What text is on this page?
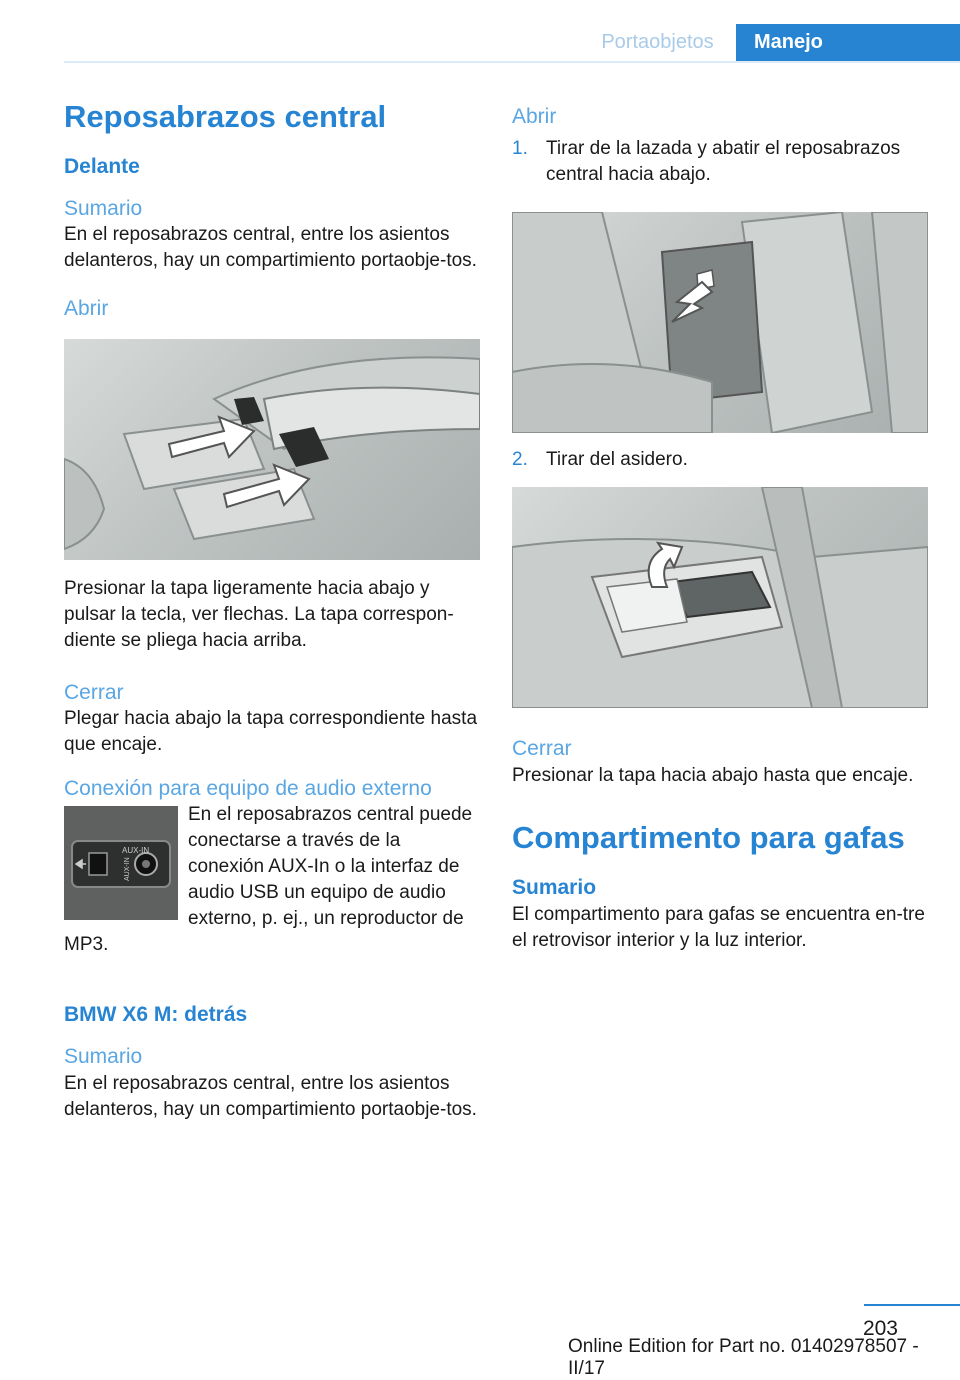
Portaobjetos	Manejo
Reposabrazos central
Delante
Sumario

En el reposabrazos central, entre los asientos delanteros, hay un compartimiento portaobje‐tos.

Abrir

Presionar la tapa ligeramente hacia abajo y pulsar la tecla, ver flechas. La tapa correspon‐diente se pliega hacia arriba.

Cerrar

Plegar hacia abajo la tapa correspondiente hasta que encaje.

Conexión para equipo de audio externo
AUX-IN
AUX-IN
En el reposabrazos central puede conectarse a través de la conexión AUX-In o la interfaz de audio USB un equipo de audio externo, p. ej., un reproductor de MP3.
BMW X6 M: detrás
Sumario

En el reposabrazos central, entre los asientos delanteros, hay un compartimiento portaobje‐tos.

Abrir
1. Tirar de la lazada y abatir el reposabrazos central hacia abajo.
2. Tirar del asidero.
Cerrar

Presionar la tapa hacia abajo hasta que encaje.

Compartimento para gafas
Sumario

El compartimento para gafas se encuentra en‐tre el retrovisor interior y la luz interior.

203
Online Edition for Part no. 01402978507 - II/17
